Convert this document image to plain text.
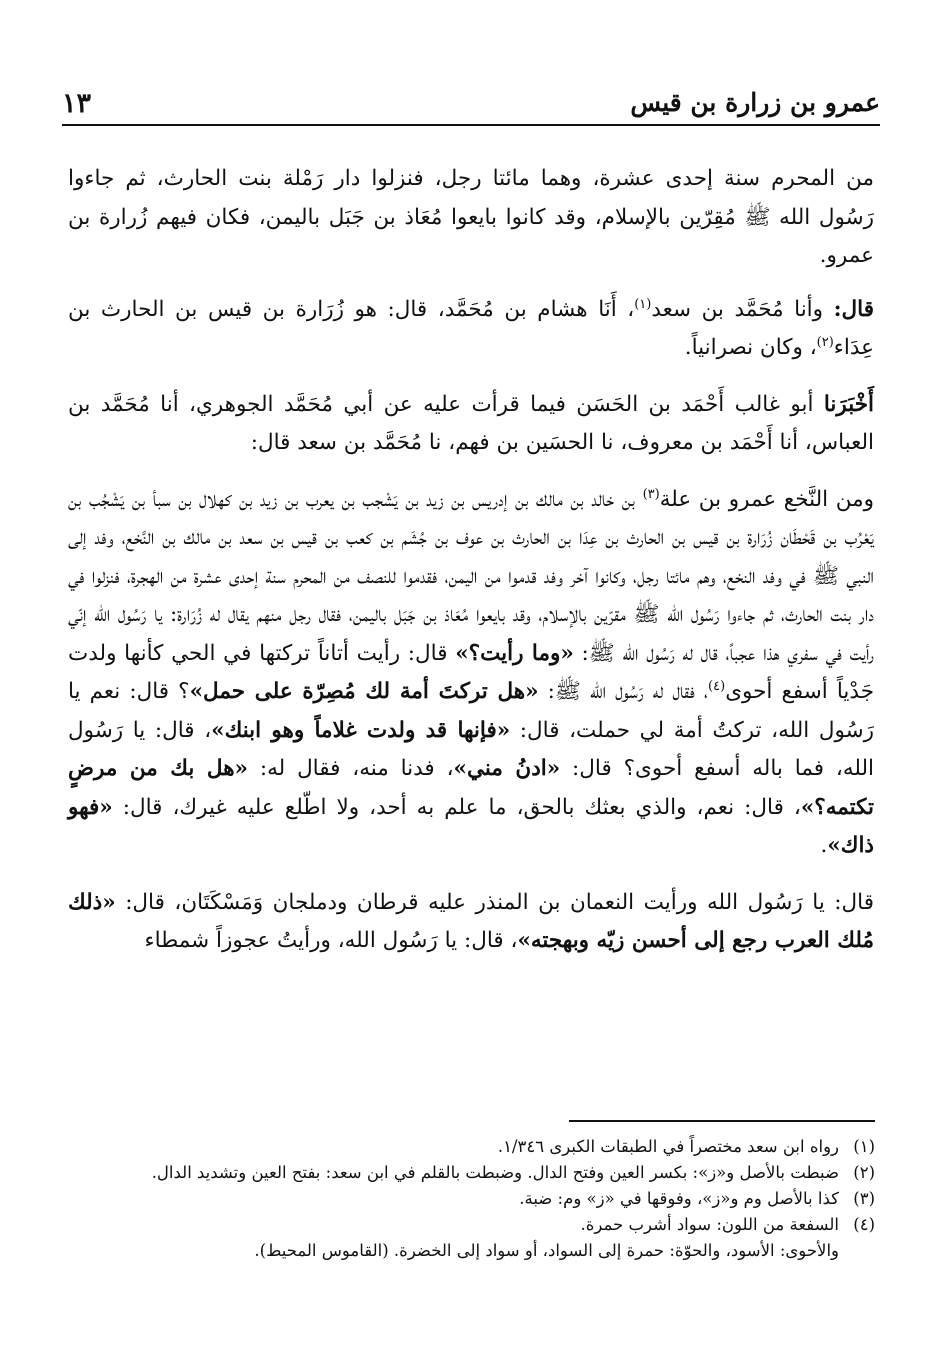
عمرو بن زرارة بن قيس
١٣

من المحرم سنة إحدى عشرة، وهما مائتا رجل، فنزلوا دار رَمْلة بنت الحارث، ثم جاءوا رَسُول الله ﷺ مُقِرّين بالإسلام، وقد كانوا بايعوا مُعَاذ بن جَبَل باليمن، فكان فيهم زُرارة بن عمرو.

قال: وأنا مُحَمَّد بن سعد$^{(١)}$، أَنَا هشام بن مُحَمَّد، قال: هو زُرَارة بن قيس بن الحارث بن عِدَاء$^{(٢)}$، وكان نصرانياً.

أَخْبَرَنا أبو غالب أَحْمَد بن الحَسَن فيما قرأت عليه عن أبي مُحَمَّد الجوهري، أنا مُحَمَّد بن العباس، أنا أَحْمَد بن معروف، نا الحسَين بن فهم، نا مُحَمَّد بن سعد قال:

ومن النَّخع عمرو بن علة$^{(٣)}$ بن خالد بن مالك بن إدريس بن زيد بن يَشْجب بن يعرب بن زيد بن كهلال بن سبأ بن يَشْجُب بن يَعْرُب بن قَحْطَان زُرَارة بن قيس بن الحارث بن عِدَا بن الحارث بن عوف بن جُشَم بن كعب بن قيس بن سعد بن مالك بن النَّخع، وفد إلى النبي ﷺ في وفد النخع، وهم مائتا رجل، وكانوا آخر وفد قدموا من اليمن، فقدموا للنصف من المحرم سنة إحدى عشرة من الهجرة، فنزلوا في دار بنت الحارث، ثم جاءوا رَسُول الله ﷺ مقرّين بالإسلام، وقد بايعوا مُعَاذ بن جَبَل باليمن، فقال رجل منهم يقال له زُرَارة: يا رَسُول الله إنّي رأيت في سفري هذا عجباً، قال له رَسُول الله ﷺ: «وما رأيت؟» قال: رأيت أتاناً تركتها في الحي كأنها ولدت جَدْياً أسفع أحوى$^{(٤)}$، فقال له رَسُول الله ﷺ: «هل تركتَ أمة لك مُصِرّة على حمل»؟ قال: نعم يا رَسُول الله، تركتُ أمة لي حملت، قال: «فإنها قد ولدت غلاماً وهو ابنك»، قال: يا رَسُول الله، فما باله أسفع أحوى؟ قال: «ادنُ مني»، فدنا منه، فقال له: «هل بك من مرضٍ تكتمه؟»، قال: نعم، والذي بعثك بالحق، ما علم به أحد، ولا اطّلع عليه غيرك، قال: «فهو ذاك».

قال: يا رَسُول الله ورأيت النعمان بن المنذر عليه قرطان ودملجان وَمَسْكَتَان، قال: «ذلك مُلك العرب رجع إلى أحسن زيّه وبهجته»، قال: يا رَسُول الله، ورأيتُ عجوزاً شمطاء

(١)رواه ابن سعد مختصراً في الطبقات الكبرى ١/٣٤٦.

(٢)ضبطت بالأصل و«ز»: بكسر العين وفتح الدال. وضبطت بالقلم في ابن سعد: بفتح العين وتشديد الدال.

(٣)كذا بالأصل وم و«ز»، وفوقها في «ز» وم: ضبة.

(٤)السفعة من اللون: سواد أشرب حمرة.

والأحوى: الأسود، والحوّة: حمرة إلى السواد، أو سواد إلى الخضرة. (القاموس المحيط).
